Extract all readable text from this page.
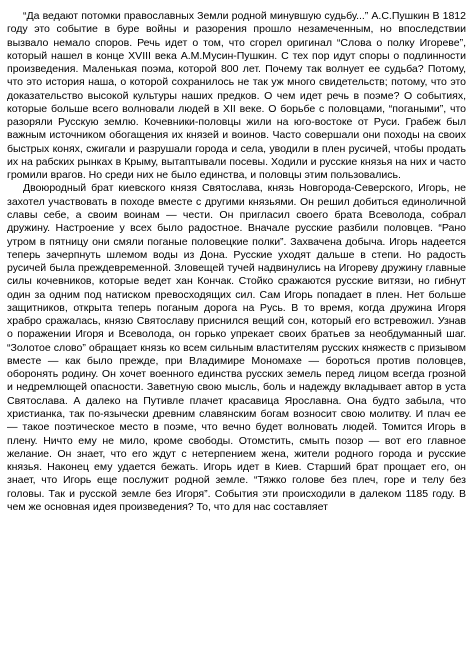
“Да ведают потомки православных Земли родной минувшую судьбу...” А.С.Пушкин В 1812 году это событие в буре войны и разорения прошло незамеченным, но впоследствии вызвало немало споров. Речь идет о том, что сгорел оригинал “Слова о полку Игореве”, который нашел в конце XVIII века А.М.Мусин-Пушкин. С тех пор идут споры о подлинности произведения. Маленькая поэма, которой 800 лет. Почему так волнует ее судьба? Потому, что это история наша, о которой сохранилось не так уж много свидетельств; потому, что это доказательство высокой культуры наших предков. О чем идет речь в поэме? О событиях, которые больше всего волновали людей в XII веке. О борьбе с половцами, “погаными”, что разоряли Русскую землю. Кочевники-половцы жили на юго-востоке от Руси. Грабеж был важным источником обогащения их князей и воинов. Часто совершали они походы на своих быстрых конях, сжигали и разрушали города и села, уводили в плен русичей, чтобы продать их на рабских рынках в Крыму, вытаптывали посевы. Ходили и русские князья на них и часто громили врагов. Но среди них не было единства, и половцы этим пользовались.

Двоюродный брат киевского князя Святослава, князь Новгорода-Северского, Игорь, не захотел участвовать в походе вместе с другими князьями. Он решил добиться единоличной славы себе, а своим воинам — чести. Он пригласил своего брата Всеволода, собрал дружину. Настроение у всех было радостное. Вначале русские разбили половцев. “Рано утром в пятницу они смяли поганые половецкие полки”. Захвачена добыча. Игорь надеется теперь зачерпнуть шлемом воды из Дона. Русские уходят дальше в степи. Но радость русичей была преждевременной. Зловещей тучей надвинулись на Игореву дружину главные силы кочевников, которые ведет хан Кончак. Стойко сражаются русские витязи, но гибнут один за одним под натиском превосходящих сил. Сам Игорь попадает в плен. Нет больше защитников, открыта теперь поганым дорога на Русь. В то время, когда дружина Игоря храбро сражалась, князю Святославу приснился вещий сон, который его встревожил. Узнав о поражении Игоря и Всеволода, он горько упрекает своих братьев за необдуманный шаг. “Золотое слово” обращает князь ко всем сильным властителям русских княжеств с призывом вместе — как было прежде, при Владимире Мономахе — бороться против половцев, оборонять родину. Он хочет военного единства русских земель перед лицом всегда грозной и недремлющей опасности. Заветную свою мысль, боль и надежду вкладывает автор в уста Святослава. А далеко на Путивле плачет красавица Ярославна. Она будто забыла, что христианка, так по-язычески древним славянским богам возносит свою молитву. И плач ее — такое поэтическое место в поэме, что вечно будет волновать людей. Томится Игорь в плену. Ничто ему не мило, кроме свободы. Отомстить, смыть позор — вот его главное желание. Он знает, что его ждут с нетерпением жена, жители родного города и русские князья. Наконец ему удается бежать. Игорь идет в Киев. Старший брат прощает его, он знает, что Игорь еще послужит родной земле. “Тяжко голове без плеч, горе и телу без головы. Так и русской земле без Игоря”. События эти происходили в далеком 1185 году. В чем же основная идея произведения? То, что для нас составляет
